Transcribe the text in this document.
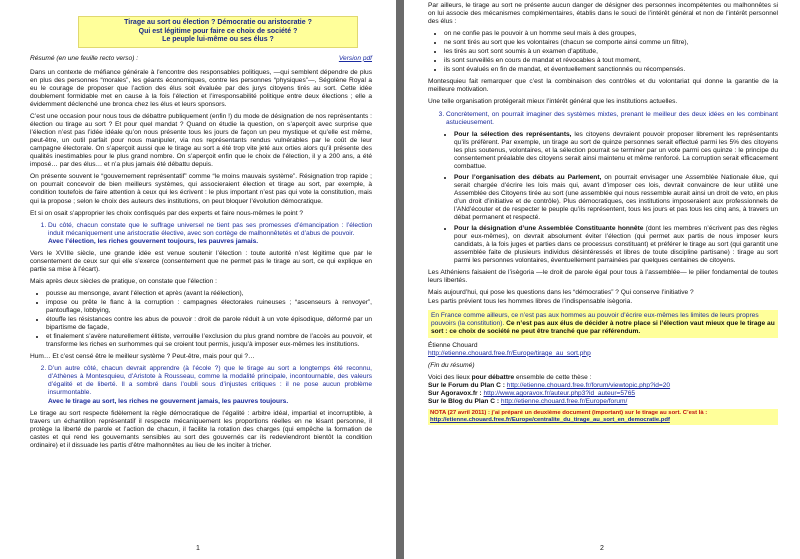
Tirage au sort ou élection ? Démocratie ou aristocratie ?
Qui est légitime pour faire ce choix de société ?
Le peuple lui-même ou ses élus ?
Résumé (en une feuille recto verso) :	Version pdf

Dans un contexte de méfiance générale à l’encontre des responsables politiques, —qui semblent dépendre de plus en plus des personnes “morales”, les géants économiques, contre les personnes “physiques”—, Ségolène Royal a eu le courage de proposer que l’action des élus soit évaluée par des jurys citoyens tirés au sort. Cette idée doublement formidable met en cause à la fois l’élection et l’irresponsabilité politique entre deux élections ; elle a évidemment déclenché une bronca chez les élus et leurs sponsors.

C’est une occasion pour nous tous de débattre publiquement (enfin !) du mode de désignation de nos représentants : élection ou tirage au sort ? Et pour quel mandat ? Quand on étudie la question, on s’aperçoit avec surprise que l’élection n’est pas l’idée idéale qu’on nous présente tous les jours de façon un peu mystique et qu’elle est même, peut-être, un outil parfait pour nous manipuler, via nos représentants rendus vulnérables par le coût de leur campagne électorale. On s’aperçoit aussi que le tirage au sort a été trop vite jeté aux orties alors qu’il présente des qualités inestimables pour le plus grand nombre. On s’aperçoit enfin que le choix de l’élection, il y a 200 ans, a été imposé… par des élus… et n’a plus jamais été débattu depuis.

On présente souvent le “gouvernement représentatif” comme “le moins mauvais système”. Résignation trop rapide ; on pourrait concevoir de bien meilleurs systèmes, qui associeraient élection et tirage au sort, par exemple, à condition toutefois de faire attention à ceux qui les écrivent : le plus important n’est pas qui vote la constitution, mais qui la propose ; selon le choix des auteurs des institutions, on peut bloquer l’évolution démocratique.

Et si on osait s’approprier les choix confisqués par des experts et faire nous-mêmes le point ?

1. Du côté, chacun constate que le suffrage universel ne tient pas ses promesses d’émancipation : l’élection induit mécaniquement une aristocratie élective, avec son cortège de malhonnêtetés et d’abus de pouvoir.
Avec l’élection, les riches gouvernent toujours, les pauvres jamais.

Vers le XVIIIe siècle, une grande idée est venue soutenir l’élection : toute autorité n’est légitime que par le consentement de ceux sur qui elle s’exerce (consentement que ne permet pas le tirage au sort, ce qui explique en partie sa mise à l’écart).

Mais après deux siècles de pratique, on constate que l’élection :

• pousse au mensonge, avant l’élection et après (avant la réélection),
• impose ou prête le flanc à la corruption : campagnes électorales ruineuses ; “ascenseurs à renvoyer”, pantouflage, lobbying,
• étouffe les résistances contre les abus de pouvoir : droit de parole réduit à un vote épisodique, déformé par un bipartisme de façade,
• et finalement s’avère naturellement élitiste, verrouille l’exclusion du plus grand nombre de l’accès au pouvoir, et transforme les riches en surhommes qui se croient tout permis, jusqu’à imposer eux-mêmes les institutions.

Hum… Et c’est censé être le meilleur système ? Peut-être, mais pour qui ?…

2. D’un autre côté, chacun devrait apprendre (à l’école ?) que le tirage au sort a longtemps été reconnu, d’Athènes à Montesquieu, d’Aristote à Rousseau, comme la modalité principale, incontournable, des valeurs d’égalité et de liberté. Il a sombré dans l’oubli sous d’injustes critiques : il ne pose aucun problème insurmontable.
Avec le tirage au sort, les riches ne gouvernent jamais, les pauvres toujours.

Le tirage au sort respecte fidèlement la règle démocratique de l’égalité : arbitre idéal, impartial et incorruptible, à travers un échantillon représentatif il respecte mécaniquement les proportions réelles en ne lésant personne, il protège la liberté de parole et l’action de chacun, il facilite la rotation des charges (qui empêche la formation de castes et qui rend les gouvernants sensibles au sort des gouvernés car ils redeviendront bientôt la condition ordinaire) et il dissuade les partis d’être malhonnêtes au lieu de les inciter à tricher.

1

Par ailleurs, le tirage au sort ne présente aucun danger de désigner des personnes incompétentes ou malhonnêtes si on lui associe des mécanismes complémentaires, établis dans le souci de l’intérêt général et non de l’intérêt personnel des élus :

• on ne confie pas le pouvoir à un homme seul mais à des groupes,
• ne sont tirés au sort que les volontaires (chacun se comporte ainsi comme un filtre),
• les tirés au sort sont soumis à un examen d’aptitude,
• ils sont surveillés en cours de mandat et révocables à tout moment,
• ils sont évalués en fin de mandat, et éventuellement sanctionnés ou récompensés.

Montesquieu fait remarquer que c’est la combinaison des contrôles et du volontariat qui donne la garantie de la meilleure motivation.

Une telle organisation protégerait mieux l’intérêt général que les institutions actuelles.

3. Concrètement, on pourrait imaginer des systèmes mixtes, prenant le meilleur des deux idées en les combinant astucieusement.
• Pour la sélection des représentants, les citoyens devraient pouvoir proposer librement les représentants qu’ils préfèrent. Par exemple, un tirage au sort de quinze personnes serait effectué parmi les 5% des citoyens les plus soutenus, volontaires, et la sélection pourrait se terminer par un vote parmi ces quinze : le principe du consentement préalable des citoyens serait ainsi maintenu et même renforcé. La corruption serait efficacement combattue.
• Pour l’organisation des débats au Parlement, on pourrait envisager une Assemblée Nationale élue, qui serait chargée d’écrire les lois mais qui, avant d’imposer ces lois, devrait convaincre de leur utilité une Assemblée des Citoyens tirée au sort (une assemblée qui nous ressemble aurait ainsi un droit de veto, en plus d’un droit d’initiative et de contrôle). Plus démocratiques, ces institutions imposeraient aux professionnels de l’ANd’écouter et de respecter le peuple qu’ils représentent, tous les jours et pas tous les cinq ans, à travers un débat permanent et respecté.
• Pour la désignation d’une Assemblée Constituante honnête (dont les membres n’écrivent pas des règles pour eux-mêmes), on devrait absolument éviter l’élection (qui permet aux partis de nous imposer leurs candidats, à la fois juges et parties dans ce processus constituant) et préférer le tirage au sort (qui garantit une assemblée faite de plusieurs individus désintéressés et libres de toute discipline partisane) : tirage au sort parmi les personnes volontaires, éventuellement parrainées par quelques centaines de citoyens.

Les Athéniens faisaient de l’isègoria —le droit de parole égal pour tous à l’assemblée— le pilier fondamental de toutes leurs libertés.

Mais aujourd’hui, qui pose les questions dans les “démocraties” ? Qui conserve l’initiative ?

Les partis prévient tous les hommes libres de l’indispensable isègoria.

En France comme ailleurs, ce n’est pas aux hommes au pouvoir d’écrire eux-mêmes les limites de leurs propres pouvoirs (la constitution). Ce n’est pas aux élus de décider à notre place si l’élection vaut mieux que le tirage au sort : ce choix de société ne peut être tranché que par référendum.
Étienne Chouard
http://etienne.chouard.free.fr/Europe/tirage_au_sort.php
(Fin du résumé)
Voici des lieux pour débattre ensemble de cette thèse :
Sur le Forum du Plan C : http://etienne.chouard.free.fr/forum/viewtopic.php?id=20
Sur Agoravox.fr : http://www.agoravox.fr/auteur.php3?id_auteur=5765
Sur le Blog du Plan C : http://etienne.chouard.free.fr/Europe/forum/
NOTA (27 avril 2011) : j’ai préparé un deuxième document (important) sur le tirage au sort. C’est là :
http://etienne.chouard.free.fr/Europe/centralite_du_tirage_au_sort_en_democratie.pdf
2
